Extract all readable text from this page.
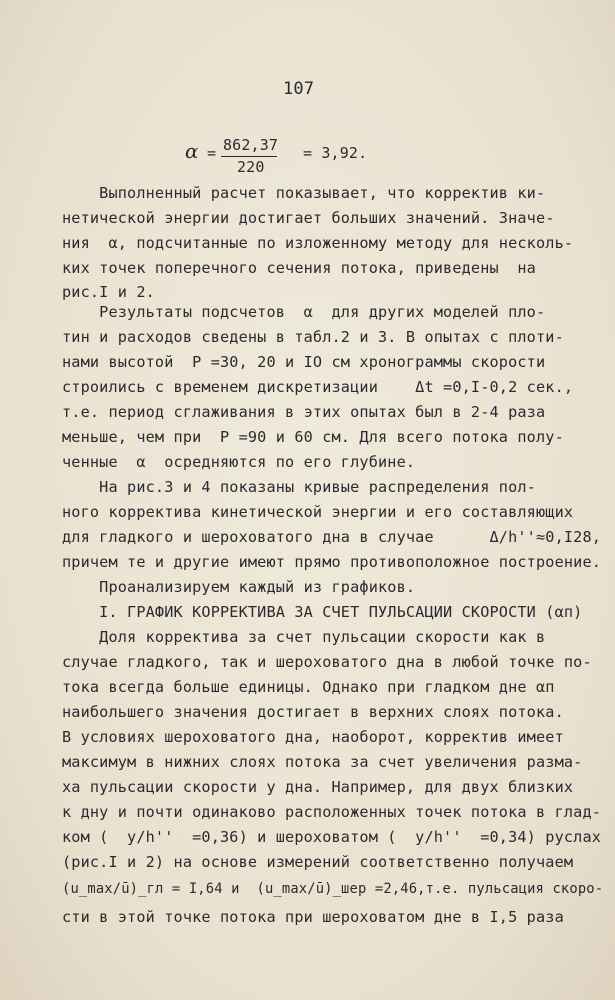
107

α

=

862,37

220

= 3,92.

Выполненный расчет показывает, что корректив ки-
нетической энергии достигает больших значений. Значе-
ния  α, подсчитанные по изложенному методу для несколь-
ких точек поперечного сечения потока, приведены  на
рис.I и 2.
Результаты подсчетов  α  для других моделей пло-
тин и расходов сведены в табл.2 и 3. В опытах с плоти-
нами высотой  P =30, 20 и IO см хронограммы скорости
строились с временем дискретизации    Δt =0,I-0,2 сек.,
т.е. период сглаживания в этих опытах был в 2-4 раза
меньше, чем при  P =90 и 60 см. Для всего потока полу-
ченные  α  осредняются по его глубине.
На рис.3 и 4 показаны кривые распределения пол-
ного корректива кинетической энергии и его составляющих
для гладкого и шероховатого дна в случае      Δ/h''≈0,I28,
причем те и другие имеют прямо противоположное построение.
Проанализируем каждый из графиков.
I. ГРАФИК КОРРЕКТИВА ЗА СЧЕТ ПУЛЬСАЦИИ СКОРОСТИ (αп)
Доля корректива за счет пульсации скорости как в
случае гладкого, так и шероховатого дна в любой точке по-
тока всегда больше единицы. Однако при гладком дне αп
наибольшего значения достигает в верхних слоях потока.
В условиях шероховатого дна, наоборот, корректив имеет
максимум в нижних слоях потока за счет увеличения разма-
ха пульсации скорости у дна. Например, для двух близких
к дну и почти одинаково расположенных точек потока в глад-
ком (  y/h''  =0,36) и шероховатом (  y/h''  =0,34) руслах
(рис.I и 2) на основе измерений соответственно получаем
(u_max/ū)_гл = I,64 и  (u_max/ū)_шер =2,46,т.е. пульсация скоро-
сти в этой точке потока при шероховатом дне в I,5 раза
